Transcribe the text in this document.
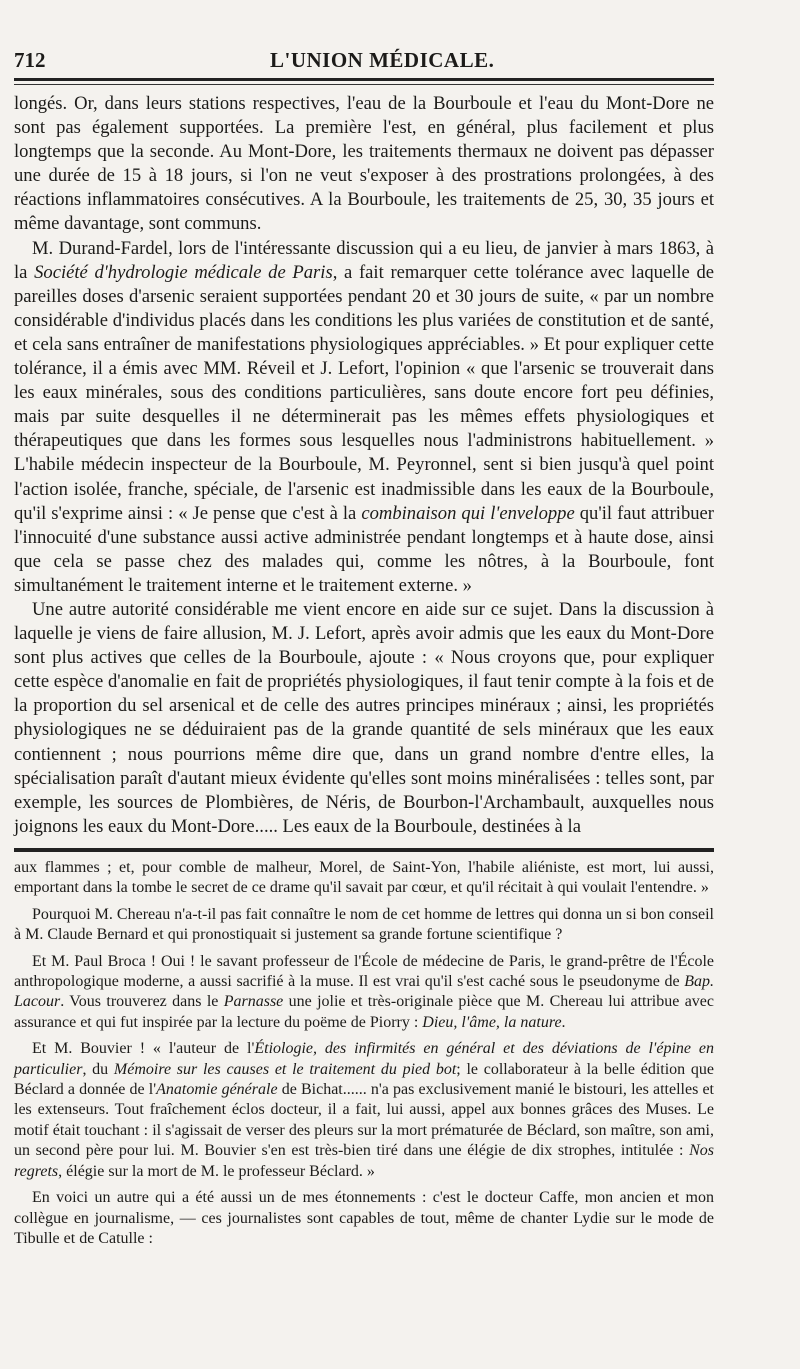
712	L'UNION MÉDICALE.

longés. Or, dans leurs stations respectives, l'eau de la Bourboule et l'eau du Mont-Dore ne sont pas également supportées. La première l'est, en général, plus facilement et plus longtemps que la seconde. Au Mont-Dore, les traitements thermaux ne doivent pas dépasser une durée de 15 à 18 jours, si l'on ne veut s'exposer à des prostrations prolongées, à des réactions inflammatoires consécutives. A la Bourboule, les traitements de 25, 30, 35 jours et même davantage, sont communs.

M. Durand-Fardel, lors de l'intéressante discussion qui a eu lieu, de janvier à mars 1863, à la Société d'hydrologie médicale de Paris, a fait remarquer cette tolérance avec laquelle de pareilles doses d'arsenic seraient supportées pendant 20 et 30 jours de suite, « par un nombre considérable d'individus placés dans les conditions les plus variées de constitution et de santé, et cela sans entraîner de manifestations physiologiques appréciables. » Et pour expliquer cette tolérance, il a émis avec MM. Réveil et J. Lefort, l'opinion « que l'arsenic se trouverait dans les eaux minérales, sous des conditions particulières, sans doute encore fort peu définies, mais par suite desquelles il ne déterminerait pas les mêmes effets physiologiques et thérapeutiques que dans les formes sous lesquelles nous l'administrons habituellement. » L'habile médecin inspecteur de la Bourboule, M. Peyronnel, sent si bien jusqu'à quel point l'action isolée, franche, spéciale, de l'arsenic est inadmissible dans les eaux de la Bourboule, qu'il s'exprime ainsi : « Je pense que c'est à la combinaison qui l'enveloppe qu'il faut attribuer l'innocuité d'une substance aussi active administrée pendant longtemps et à haute dose, ainsi que cela se passe chez des malades qui, comme les nôtres, à la Bourboule, font simultanément le traitement interne et le traitement externe. »

Une autre autorité considérable me vient encore en aide sur ce sujet. Dans la discussion à laquelle je viens de faire allusion, M. J. Lefort, après avoir admis que les eaux du Mont-Dore sont plus actives que celles de la Bourboule, ajoute : « Nous croyons que, pour expliquer cette espèce d'anomalie en fait de propriétés physiologiques, il faut tenir compte à la fois et de la proportion du sel arsenical et de celle des autres principes minéraux ; ainsi, les propriétés physiologiques ne se déduiraient pas de la grande quantité de sels minéraux que les eaux contiennent ; nous pourrions même dire que, dans un grand nombre d'entre elles, la spécialisation paraît d'autant mieux évidente qu'elles sont moins minéralisées : telles sont, par exemple, les sources de Plombières, de Néris, de Bourbon-l'Archambault, auxquelles nous joignons les eaux du Mont-Dore..... Les eaux de la Bourboule, destinées à la

aux flammes ; et, pour comble de malheur, Morel, de Saint-Yon, l'habile aliéniste, est mort, lui aussi, emportant dans la tombe le secret de ce drame qu'il savait par cœur, et qu'il récitait à qui voulait l'entendre. »

Pourquoi M. Chereau n'a-t-il pas fait connaître le nom de cet homme de lettres qui donna un si bon conseil à M. Claude Bernard et qui pronostiquait si justement sa grande fortune scientifique ?

Et M. Paul Broca ! Oui ! le savant professeur de l'École de médecine de Paris, le grand-prêtre de l'École anthropologique moderne, a aussi sacrifié à la muse. Il est vrai qu'il s'est caché sous le pseudonyme de Bap. Lacour. Vous trouverez dans le Parnasse une jolie et très-originale pièce que M. Chereau lui attribue avec assurance et qui fut inspirée par la lecture du poëme de Piorry : Dieu, l'âme, la nature.

Et M. Bouvier ! « l'auteur de l'Étiologie, des infirmités en général et des déviations de l'épine en particulier, du Mémoire sur les causes et le traitement du pied bot; le collaborateur à la belle édition que Béclard a donnée de l'Anatomie générale de Bichat...... n'a pas exclusivement manié le bistouri, les attelles et les extenseurs. Tout fraîchement éclos docteur, il a fait, lui aussi, appel aux bonnes grâces des Muses. Le motif était touchant : il s'agissait de verser des pleurs sur la mort prématurée de Béclard, son maître, son ami, un second père pour lui. M. Bouvier s'en est très-bien tiré dans une élégie de dix strophes, intitulée : Nos regrets, élégie sur la mort de M. le professeur Béclard. »

En voici un autre qui a été aussi un de mes étonnements : c'est le docteur Caffe, mon ancien et mon collègue en journalisme, — ces journalistes sont capables de tout, même de chanter Lydie sur le mode de Tibulle et de Catulle :
